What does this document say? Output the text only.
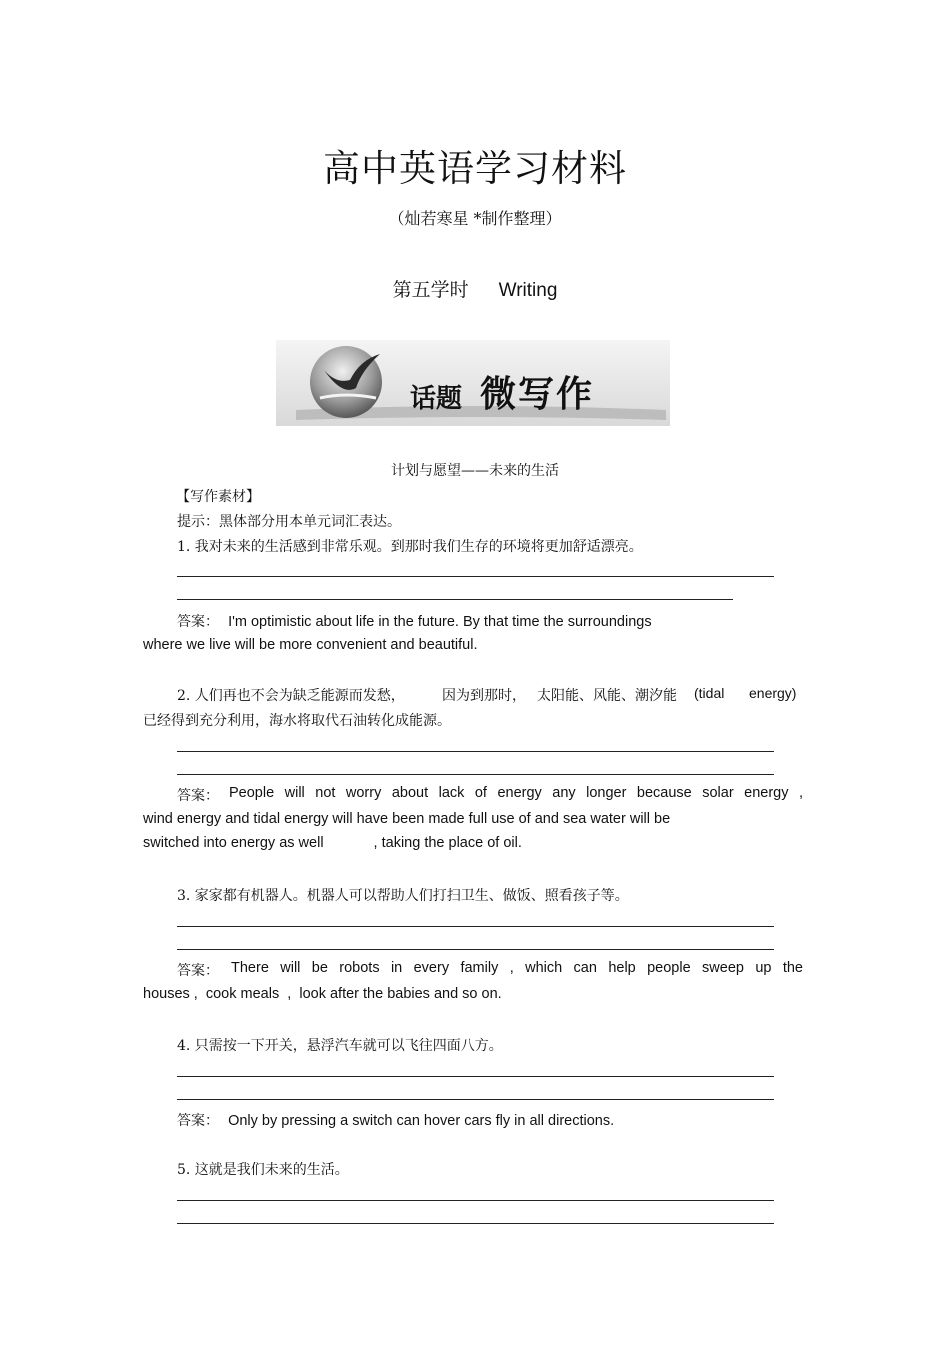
高中英语学习材料
（灿若寒星 *制作整理）
第五学时 Writing
话题 微写作
计划与愿望——未来的生活
【写作素材】
提示：黑体部分用本单元词汇表达。
1. 我对未来的生活感到非常乐观。到那时我们生存的环境将更加舒适漂亮。
答案： I'm optimistic about life in the future. By that time the surroundings
where we live will be more convenient and beautiful.
2. 人们再也不会为缺乏能源而发愁，	因为到那时， 太阳能、风能、潮汐能 (tidal energy)
已经得到充分利用，海水将取代石油转化成能源。
答案： People will not worry about lack of energy any longer because solar energy ,
wind energy and tidal energy will have been made full use of and sea water will be
switched into energy as well	, taking the place of oil.
3. 家家都有机器人。机器人可以帮助人们打扫卫生、做饭、照看孩子等。
答案： There will be robots in every family , which can help people sweep up the
houses ,  cook meals  ,  look after the babies and so on.
4. 只需按一下开关，悬浮汽车就可以飞往四面八方。
答案： Only by pressing a switch can hover cars fly in all directions.
5. 这就是我们未来的生活。
